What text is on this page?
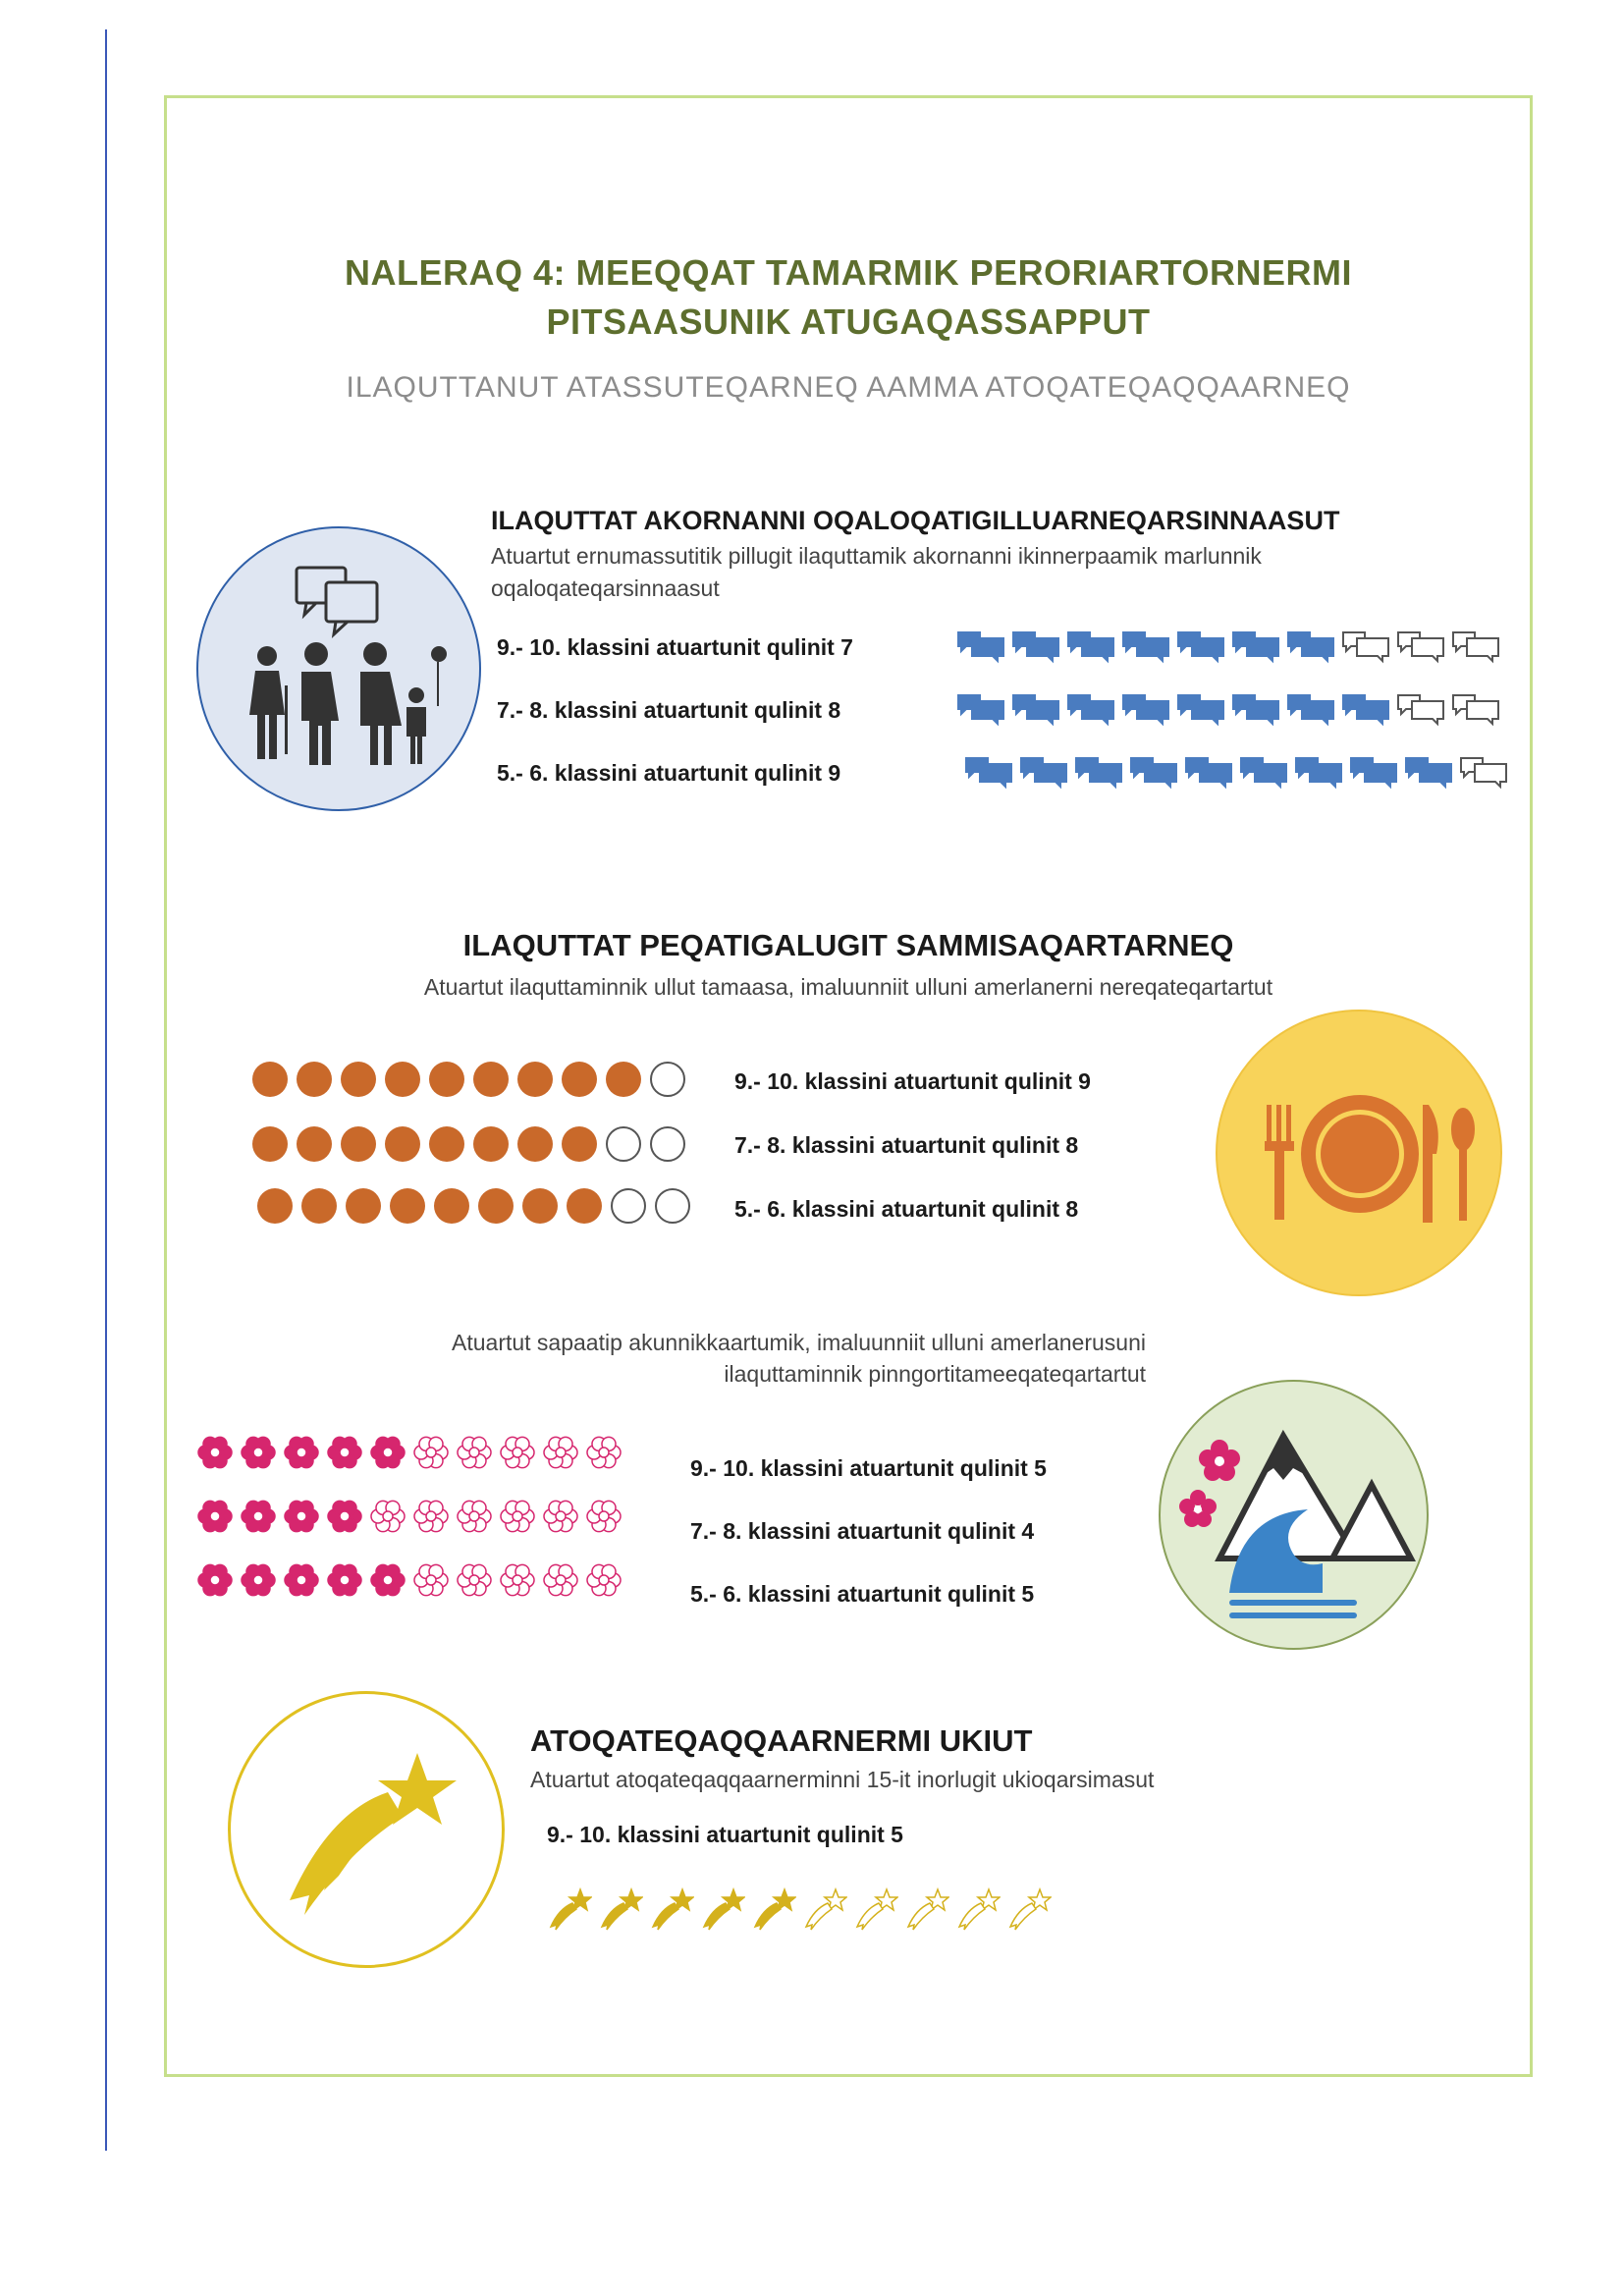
NALERAQ 4: MEEQQAT TAMARMIK PERORIARTORNERMI
PITSAASUNIK ATUGAQASSAPPUT
ILAQUTTANUT ATASSUTEQARNEQ AAMMA ATOQATEQAQQAARNEQ
ILAQUTTAT AKORNANNI OQALOQATIGILLUARNEQARSINNAASUT
Atuartut ernumassutitik pillugit ilaquttamik akornanni ikinnerpaamik marlunnik
oqaloqateqarsinnaasut
9.- 10. klassini atuartunit qulinit 7
7.- 8. klassini atuartunit qulinit 8
5.- 6. klassini atuartunit qulinit 9
ILAQUTTAT PEQATIGALUGIT SAMMISAQARTARNEQ
Atuartut ilaquttaminnik ullut tamaasa, imaluunniit ulluni amerlanerni nereqateqartartut
9.- 10. klassini atuartunit qulinit 9
7.- 8. klassini atuartunit qulinit 8
5.- 6. klassini atuartunit qulinit 8
Atuartut sapaatip akunnikkaartumik, imaluunniit ulluni amerlanerusuni
ilaquttaminnik pinngortitameeqateqartartut
9.- 10. klassini atuartunit qulinit 5
7.- 8. klassini atuartunit qulinit 4
5.- 6. klassini atuartunit qulinit 5
ATOQATEQAQQAARNERMI UKIUT
Atuartut atoqateqaqqaarnerminni 15-it inorlugit ukioqarsimasut
9.- 10. klassini atuartunit qulinit 5
